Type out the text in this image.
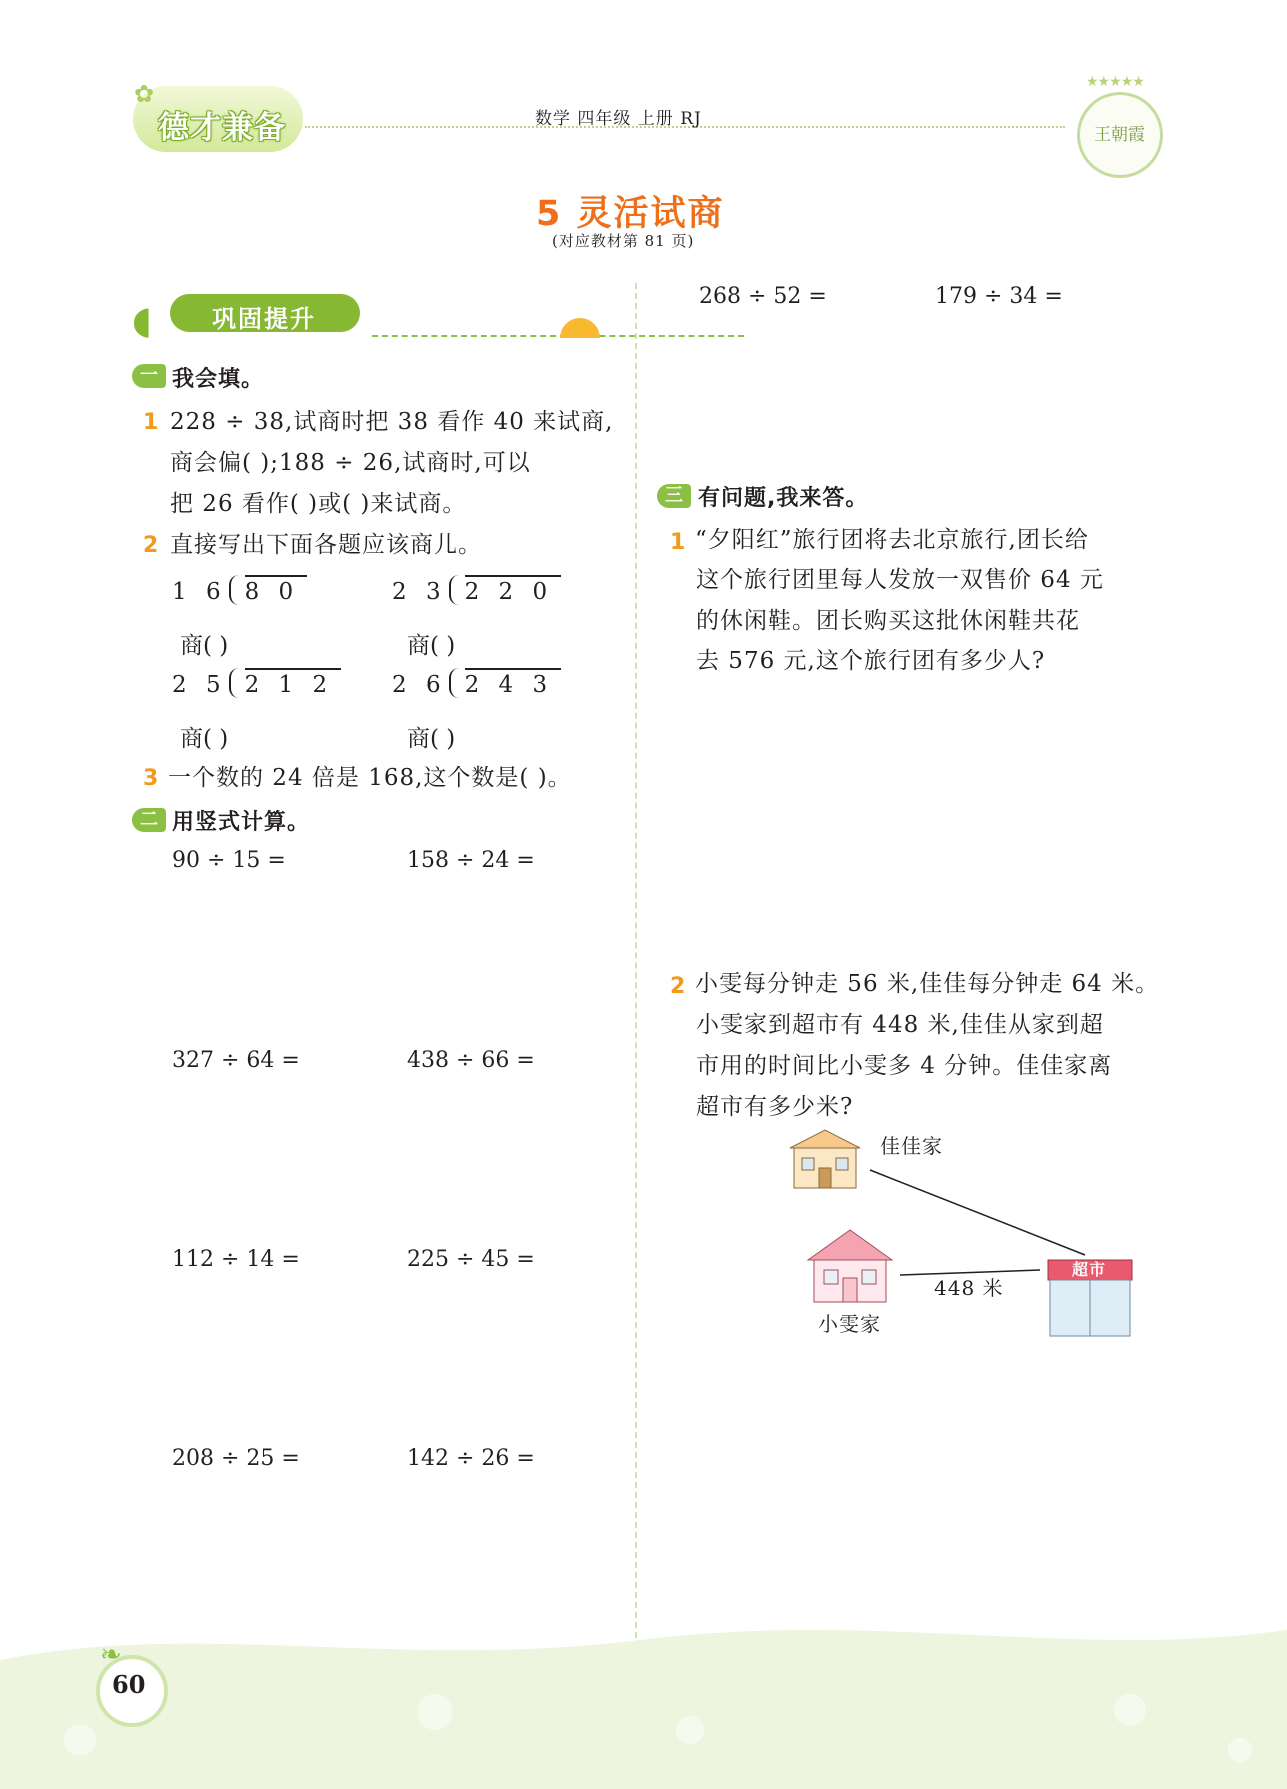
✿
德才兼备	数学 四年级 上册 RJ
★★★★★
王朝霞
5 灵活试商
(对应教材第 81 页)
◖ 巩固提升
一 我会填。
1 228 ÷ 38,试商时把 38 看作 40 来试商,
商会偏( );188 ÷ 26,试商时,可以
把 26 看作( )或( )来试商。
2 直接写出下面各题应该商儿。
1 6 8 0	2 3 2 2 0
商( )	商( )
2 5 2 1 2	2 6 2 4 3
商( )	商( )
3 一个数的 24 倍是 168,这个数是( )。
二 用竖式计算。
90 ÷ 15 =	158 ÷ 24 =
327 ÷ 64 =	438 ÷ 66 =
112 ÷ 14 =	225 ÷ 45 =
208 ÷ 25 =	142 ÷ 26 =
268 ÷ 52 =	179 ÷ 34 =
三 有问题,我来答。
1 “夕阳红”旅行团将去北京旅行,团长给
这个旅行团里每人发放一双售价 64 元
的休闲鞋。团长购买这批休闲鞋共花
去 576 元,这个旅行团有多少人?
2 小雯每分钟走 56 米,佳佳每分钟走 64 米。
小雯家到超市有 448 米,佳佳从家到超
市用的时间比小雯多 4 分钟。佳佳家离
超市有多少米?
佳佳家
小雯家
超市
448 米
❧
60
